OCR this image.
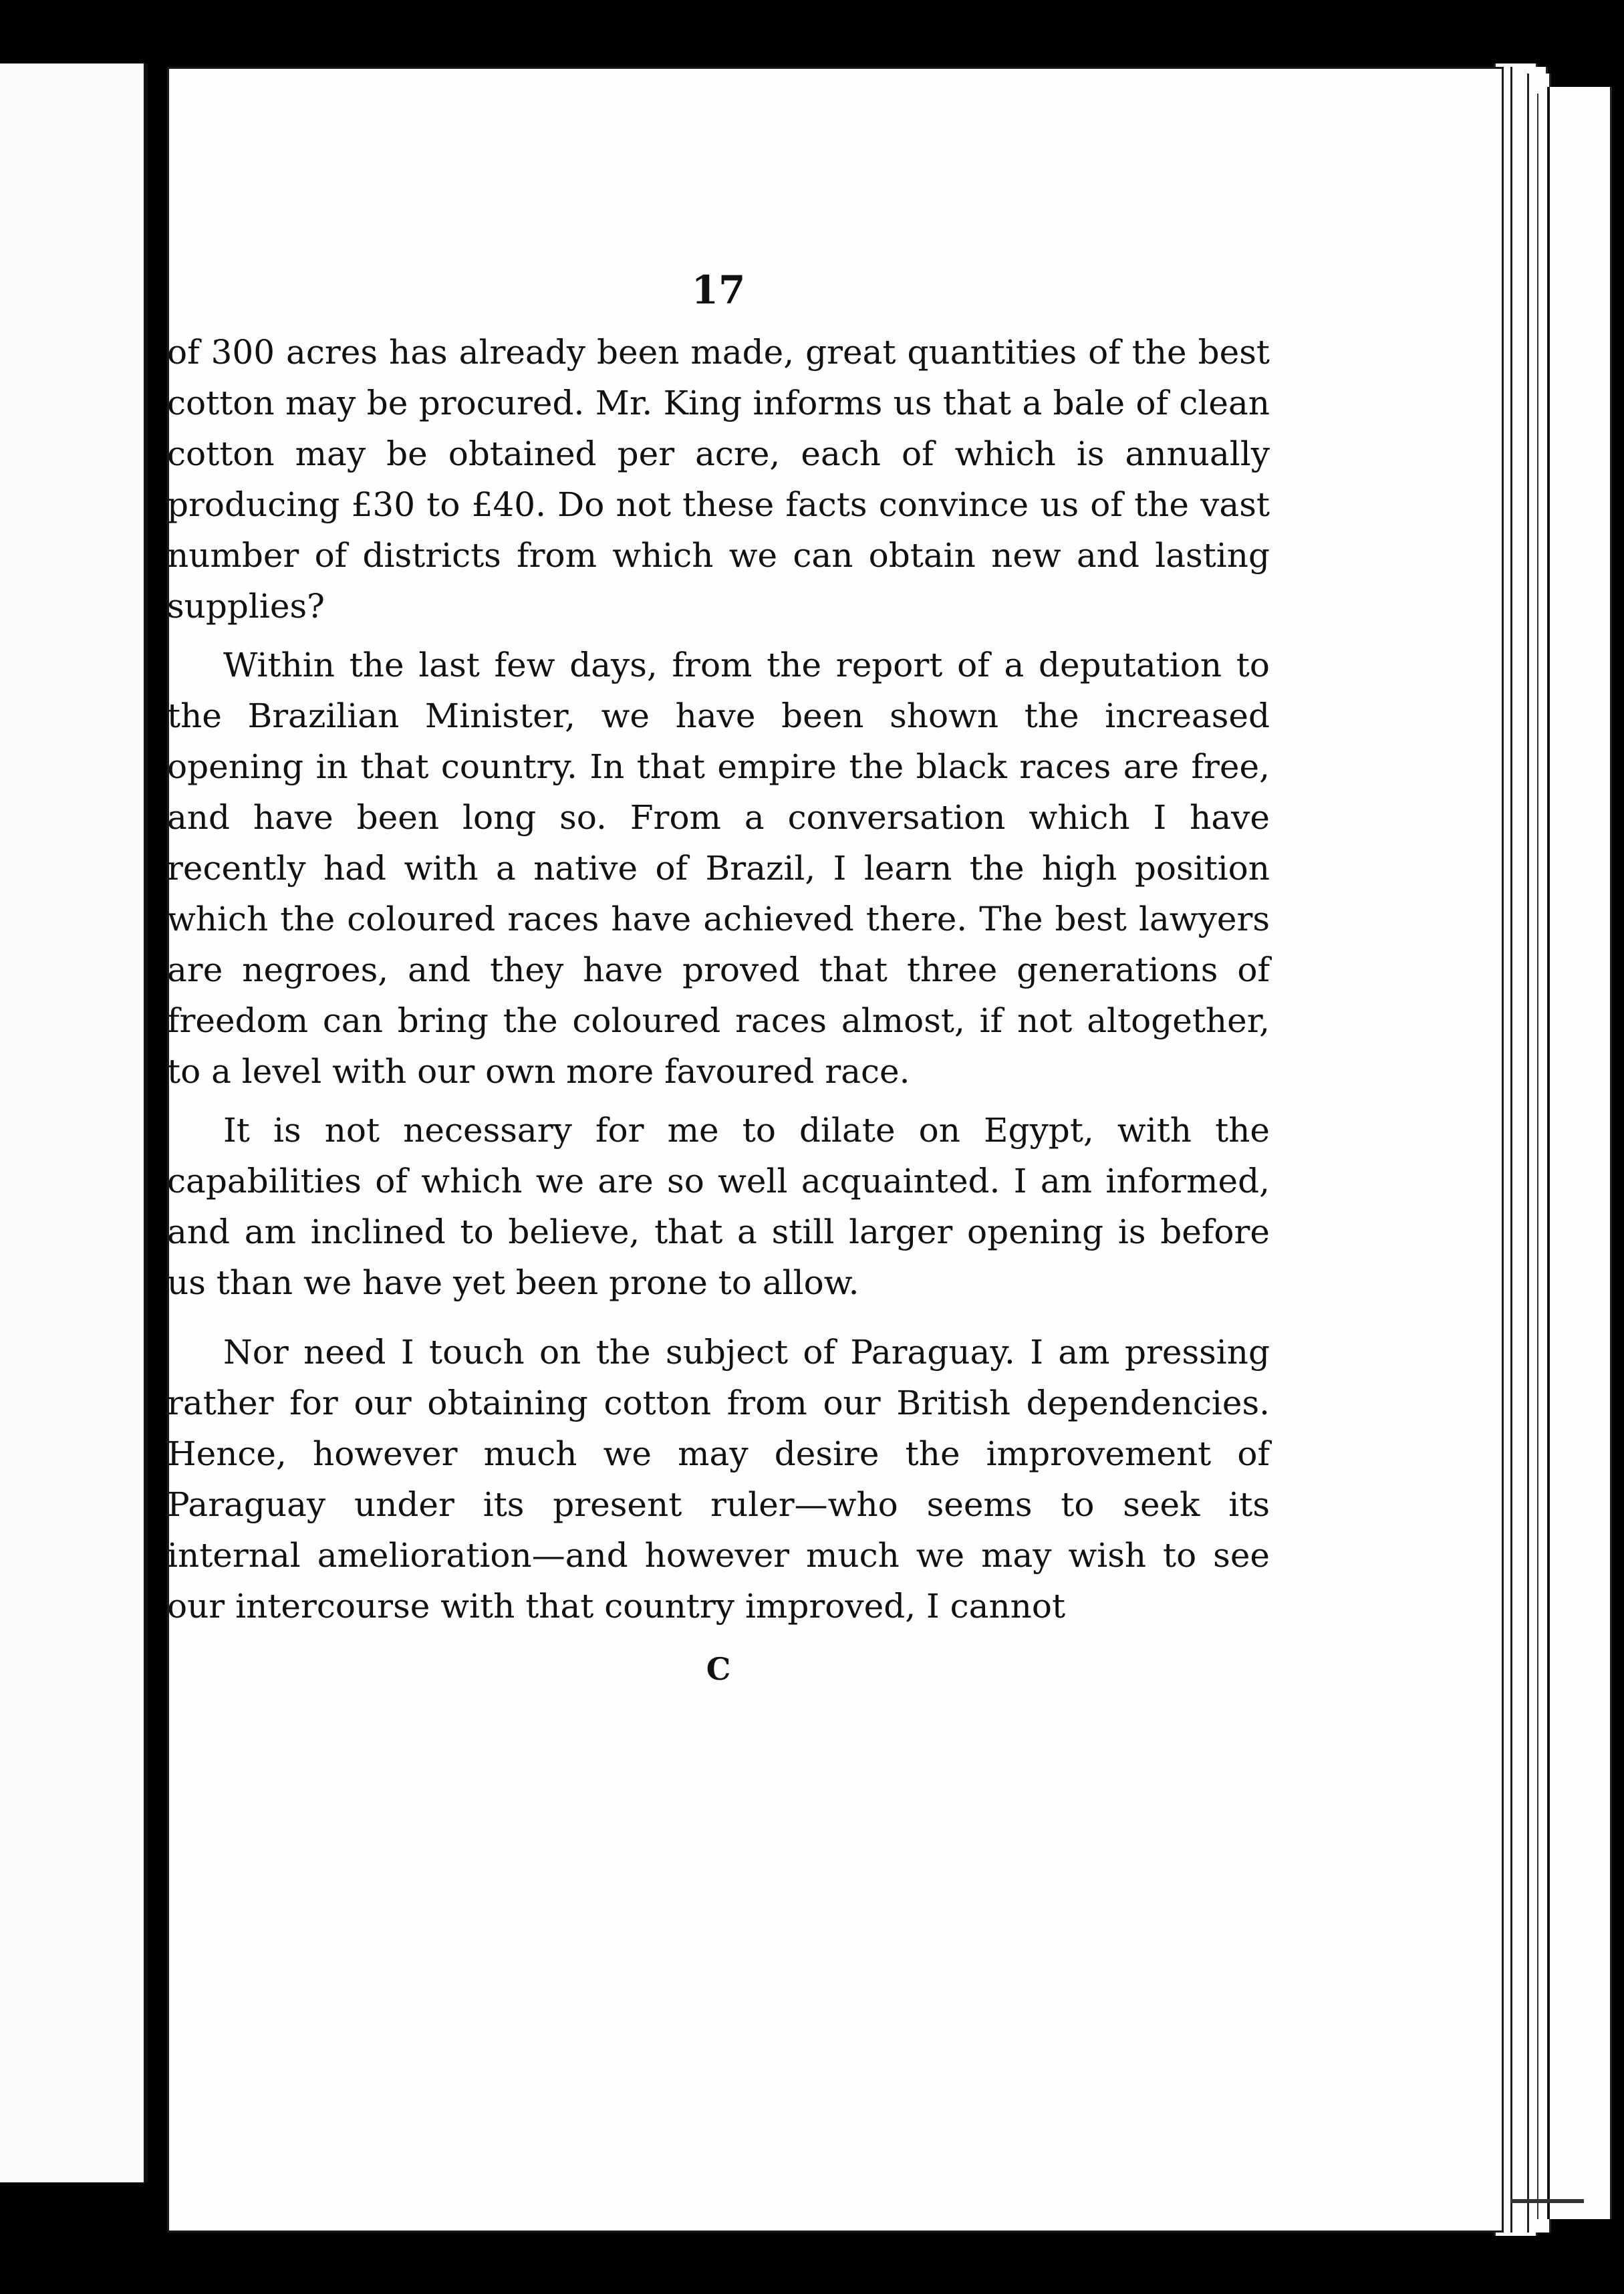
17

of 300 acres has already been made, great quantities of the best cotton may be procured. Mr. King informs us that a bale of clean cotton may be obtained per acre, each of which is annually producing £30 to £40. Do not these facts convince us of the vast number of districts from which we can obtain new and lasting supplies?

Within the last few days, from the report of a deputation to the Brazilian Minister, we have been shown the increased opening in that country. In that empire the black races are free, and have been long so. From a conversation which I have recently had with a native of Brazil, I learn the high position which the coloured races have achieved there. The best lawyers are negroes, and they have proved that three generations of freedom can bring the coloured races almost, if not altogether, to a level with our own more favoured race.

It is not necessary for me to dilate on Egypt, with the capabilities of which we are so well acquainted. I am informed, and am inclined to believe, that a still larger opening is before us than we have yet been prone to allow.

Nor need I touch on the subject of Paraguay. I am pressing rather for our obtaining cotton from our British dependencies. Hence, however much we may desire the improvement of Paraguay under its present ruler—who seems to seek its internal amelioration—and however much we may wish to see our intercourse with that country improved, I cannot

C
